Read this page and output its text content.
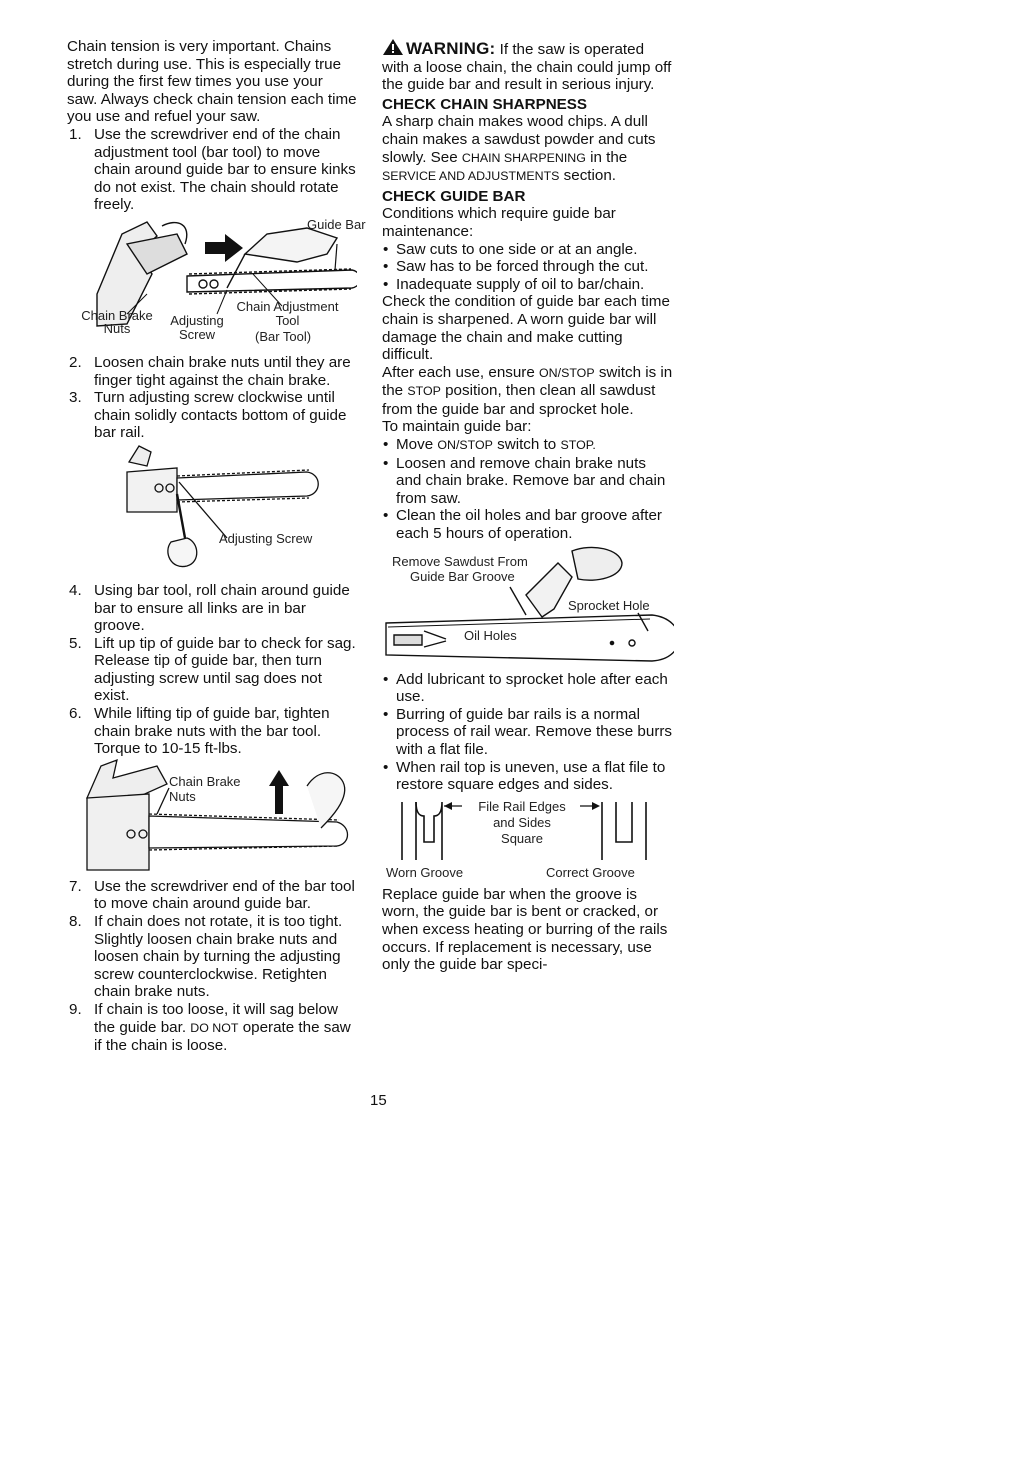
Chain tension is very important. Chains stretch during use. This is especially true during the first few times you use your saw. Always check chain tension each time you use and refuel your saw.

1. Use the screwdriver end of the chain adjustment tool (bar tool) to move chain around guide bar to ensure kinks do not exist. The chain should rotate freely.
Guide Bar
Chain Brake Nuts
Adjusting Screw
Chain Adjustment Tool
(Bar Tool)
2. Loosen chain brake nuts until they are finger tight against the chain brake.
3. Turn adjusting screw clockwise until chain solidly contacts bottom of guide bar rail.
Adjusting Screw
4. Using bar tool, roll chain around guide bar to ensure all links are in bar groove.
5. Lift up tip of guide bar to check for sag. Release tip of guide bar, then turn adjusting screw until sag does not exist.
6. While lifting tip of guide bar, tighten chain brake nuts with the bar tool. Torque to 10-15 ft-lbs.
Chain Brake Nuts
7. Use the screwdriver end of the bar tool to move chain around guide bar.
8. If chain does not rotate, it is too tight. Slightly loosen chain brake nuts and loosen chain by turning the adjusting screw counterclockwise. Retighten chain brake nuts.
9. If chain is too loose, it will sag below the guide bar. DO NOT operate the saw if the chain is loose.

WARNING: If the saw is operated with a loose chain, the chain could jump off the guide bar and result in serious injury.

CHECK CHAIN SHARPNESS

A sharp chain makes wood chips. A dull chain makes a sawdust powder and cuts slowly. See CHAIN SHARPENING in the SERVICE AND ADJUSTMENTS section.

CHECK GUIDE BAR

Conditions which require guide bar maintenance:

• Saw cuts to one side or at an angle.
• Saw has to be forced through the cut.
• Inadequate supply of oil to bar/chain.

Check the condition of guide bar each time chain is sharpened. A worn guide bar will damage the chain and make cutting difficult.

After each use, ensure ON/STOP switch is in the STOP position, then clean all sawdust from the guide bar and sprocket hole.

To maintain guide bar:

• Move ON/STOP switch to STOP.
• Loosen and remove chain brake nuts and chain brake. Remove bar and chain from saw.
• Clean the oil holes and bar groove after each 5 hours of operation.
Remove Sawdust From
Guide Bar Groove
Sprocket Hole
Oil Holes
• Add lubricant to sprocket hole after each use.
• Burring of guide bar rails is a normal process of rail wear. Remove these burrs with a flat file.
• When rail top is uneven, use a flat file to restore square edges and sides.
File Rail Edges
and Sides
Square
Worn Groove	Correct Groove

Replace guide bar when the groove is worn, the guide bar is bent or cracked, or when excess heating or burring of the rails occurs. If replacement is necessary, use only the guide bar speci-

15
